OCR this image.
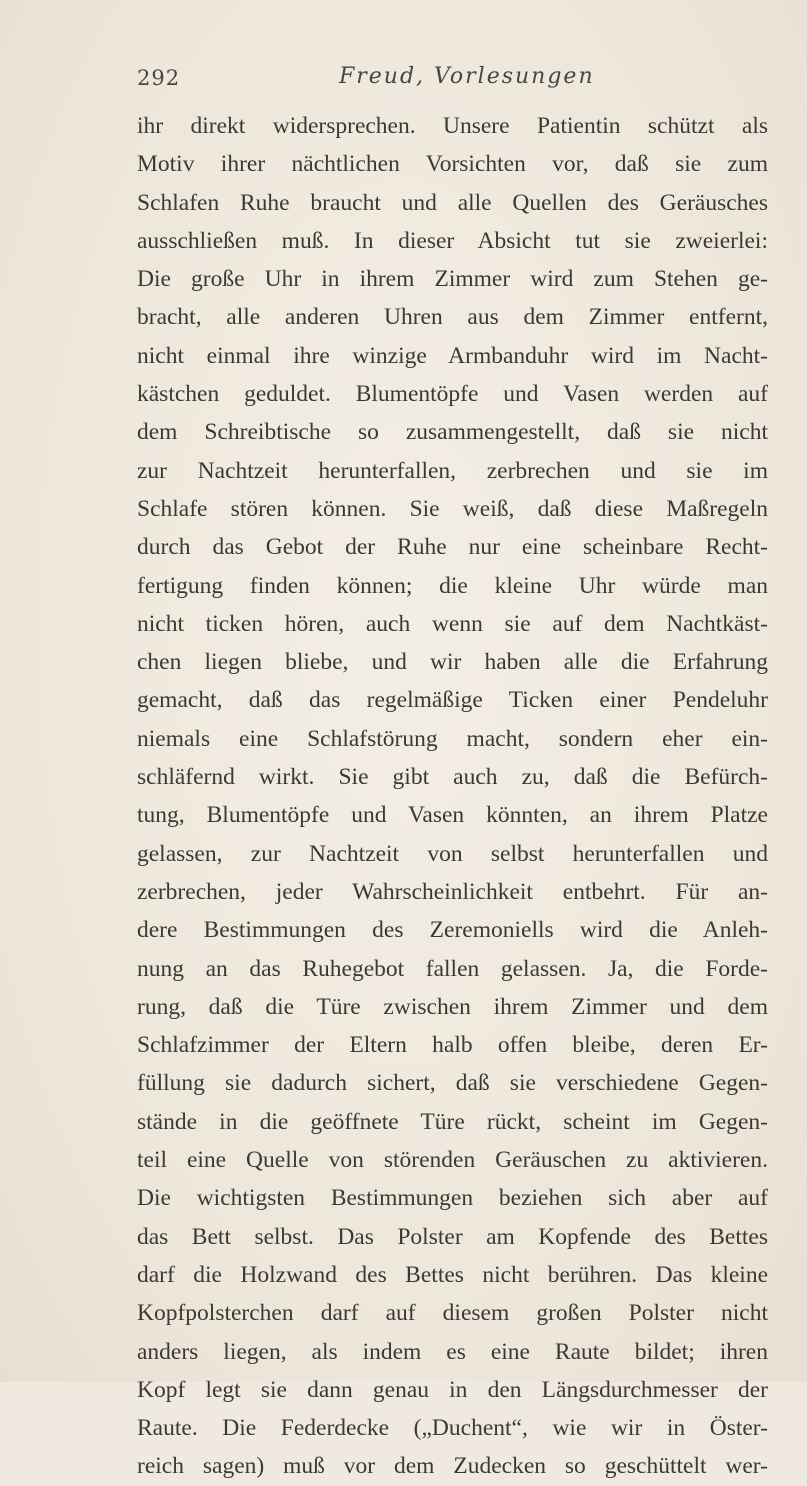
292	Freud, Vorlesungen
ihr direkt widersprechen. Unsere Patientin schützt als
Motiv ihrer nächtlichen Vorsichten vor, daß sie zum
Schlafen Ruhe braucht und alle Quellen des Geräusches
ausschließen muß. In dieser Absicht tut sie zweierlei:
Die große Uhr in ihrem Zimmer wird zum Stehen ge-
bracht, alle anderen Uhren aus dem Zimmer entfernt,
nicht einmal ihre winzige Armbanduhr wird im Nacht-
kästchen geduldet. Blumentöpfe und Vasen werden auf
dem Schreibtische so zusammengestellt, daß sie nicht
zur Nachtzeit herunterfallen, zerbrechen und sie im
Schlafe stören können. Sie weiß, daß diese Maßregeln
durch das Gebot der Ruhe nur eine scheinbare Recht-
fertigung finden können; die kleine Uhr würde man
nicht ticken hören, auch wenn sie auf dem Nachtkäst-
chen liegen bliebe, und wir haben alle die Erfahrung
gemacht, daß das regelmäßige Ticken einer Pendeluhr
niemals eine Schlafstörung macht, sondern eher ein-
schläfernd wirkt. Sie gibt auch zu, daß die Befürch-
tung, Blumentöpfe und Vasen könnten, an ihrem Platze
gelassen, zur Nachtzeit von selbst herunterfallen und
zerbrechen, jeder Wahrscheinlichkeit entbehrt. Für an-
dere Bestimmungen des Zeremoniells wird die Anleh-
nung an das Ruhegebot fallen gelassen. Ja, die Forde-
rung, daß die Türe zwischen ihrem Zimmer und dem
Schlafzimmer der Eltern halb offen bleibe, deren Er-
füllung sie dadurch sichert, daß sie verschiedene Gegen-
stände in die geöffnete Türe rückt, scheint im Gegen-
teil eine Quelle von störenden Geräuschen zu aktivieren.
Die wichtigsten Bestimmungen beziehen sich aber auf
das Bett selbst. Das Polster am Kopfende des Bettes
darf die Holzwand des Bettes nicht berühren. Das kleine
Kopfpolsterchen darf auf diesem großen Polster nicht
anders liegen, als indem es eine Raute bildet; ihren
Kopf legt sie dann genau in den Längsdurchmesser der
Raute. Die Federdecke („Duchent“, wie wir in Öster-
reich sagen) muß vor dem Zudecken so geschüttelt wer-
